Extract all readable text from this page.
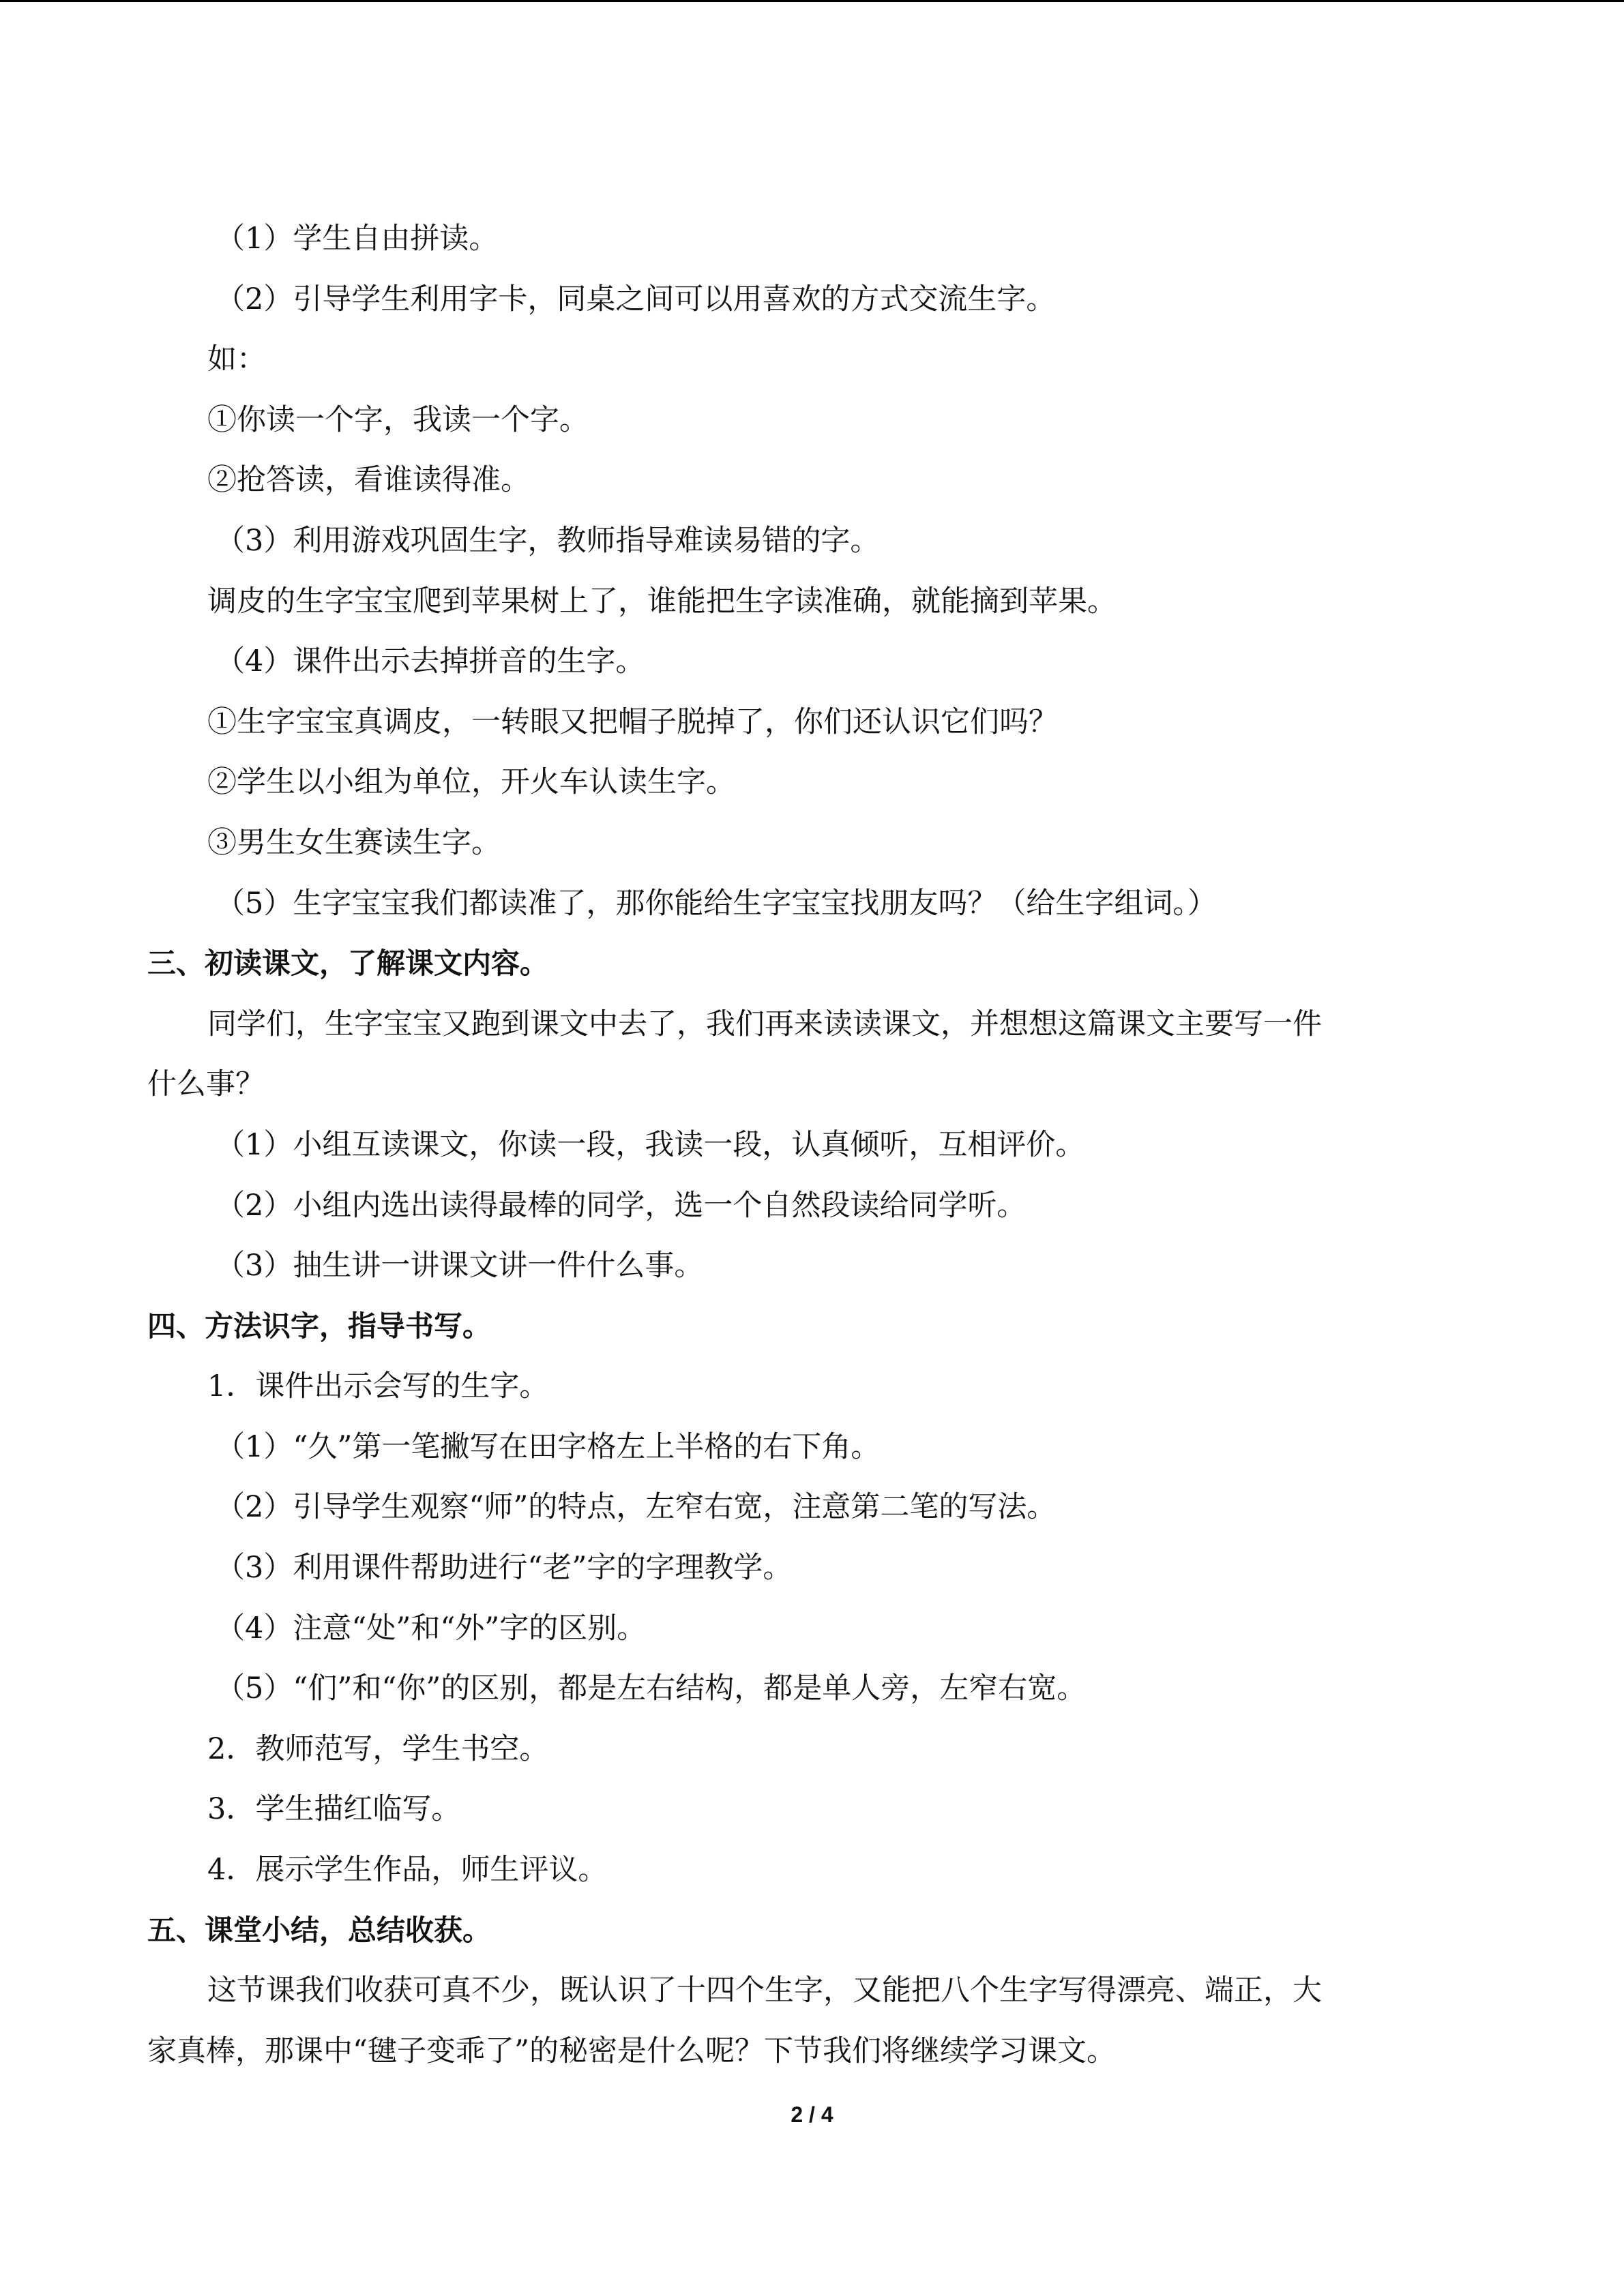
（1）学生自由拼读。
（2）引导学生利用字卡，同桌之间可以用喜欢的方式交流生字。
如：
①你读一个字，我读一个字。
②抢答读，看谁读得准。
（3）利用游戏巩固生字，教师指导难读易错的字。
调皮的生字宝宝爬到苹果树上了，谁能把生字读准确，就能摘到苹果。
（4）课件出示去掉拼音的生字。
①生字宝宝真调皮，一转眼又把帽子脱掉了，你们还认识它们吗？
②学生以小组为单位，开火车认读生字。
③男生女生赛读生字。
（5）生字宝宝我们都读准了，那你能给生字宝宝找朋友吗？（给生字组词。）
三、初读课文，了解课文内容。
同学们，生字宝宝又跑到课文中去了，我们再来读读课文，并想想这篇课文主要写一件
什么事？
（1）小组互读课文，你读一段，我读一段，认真倾听，互相评价。
（2）小组内选出读得最棒的同学，选一个自然段读给同学听。
（3）抽生讲一讲课文讲一件什么事。
四、方法识字，指导书写。
1．课件出示会写的生字。
（1）“久”第一笔撇写在田字格左上半格的右下角。
（2）引导学生观察“师”的特点，左窄右宽，注意第二笔的写法。
（3）利用课件帮助进行“老”字的字理教学。
（4）注意“处”和“外”字的区别。
（5）“们”和“你”的区别，都是左右结构，都是单人旁，左窄右宽。
2．教师范写，学生书空。
3．学生描红临写。
4．展示学生作品，师生评议。
五、课堂小结，总结收获。
这节课我们收获可真不少，既认识了十四个生字，又能把八个生字写得漂亮、端正，大
家真棒，那课中“毽子变乖了”的秘密是什么呢？下节我们将继续学习课文。
2 / 4
